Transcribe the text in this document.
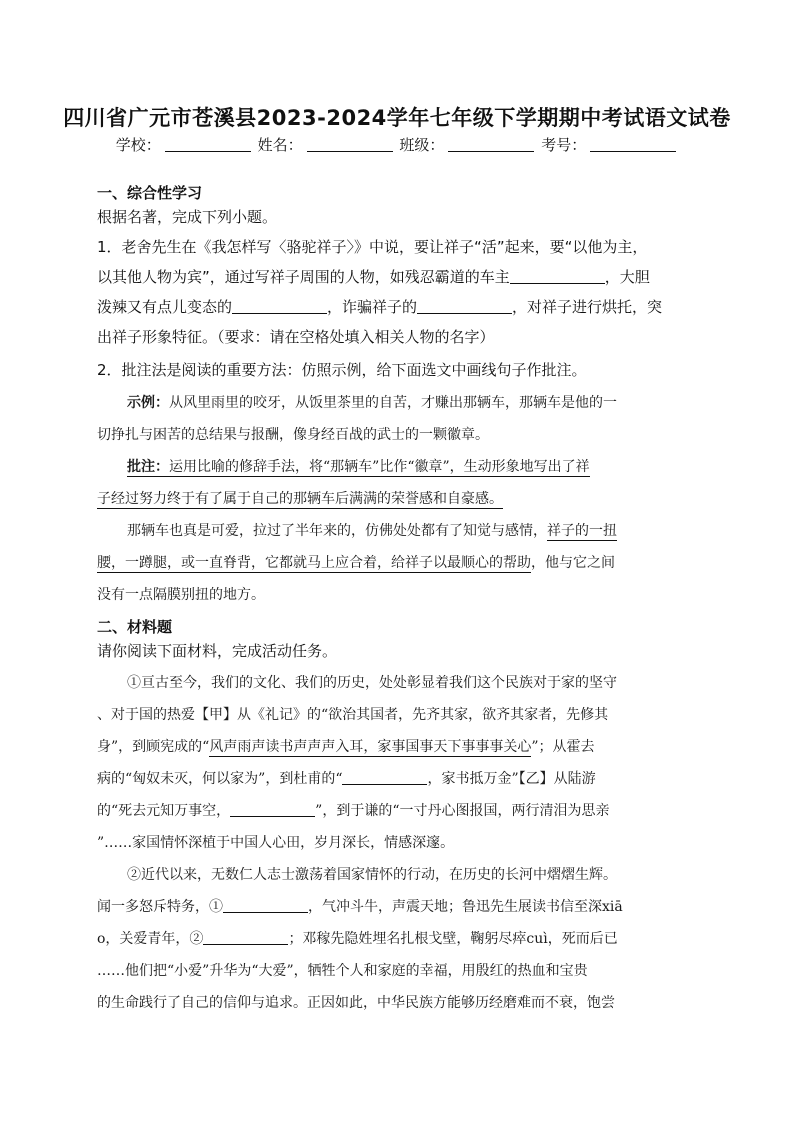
四川省广元市苍溪县2023-2024学年七年级下学期期中考试语文试卷
学校：	姓名：	班级：	考号：
一、综合性学习
根据名著，完成下列小题。
1．老舍先生在《我怎样写〈骆驼祥子〉》中说，要让祥子“活”起来，要“以他为主，
以其他人物为宾”，通过写祥子周围的人物，如残忍霸道的车主	，大胆
泼辣又有点儿变态的	，诈骗祥子的	，对祥子进行烘托，突
出祥子形象特征。（要求：请在空格处填入相关人物的名字）
2．批注法是阅读的重要方法：仿照示例，给下面选文中画线句子作批注。
示例：从风里雨里的咬牙，从饭里茶里的自苦，才赚出那辆车，那辆车是他的一
切挣扎与困苦的总结果与报酬，像身经百战的武士的一颗徽章。
批注：运用比喻的修辞手法，将“那辆车”比作“徽章”，生动形象地写出了祥
子经过努力终于有了属于自己的那辆车后满满的荣誉感和自豪感。
那辆车也真是可爱，拉过了半年来的，仿佛处处都有了知觉与感情，祥子的一扭
腰，一蹲腿，或一直脊背，它都就马上应合着，给祥子以最顺心的帮助，他与它之间
没有一点隔膜别扭的地方。
二、材料题
请你阅读下面材料，完成活动任务。
①亘古至今，我们的文化、我们的历史，处处彰显着我们这个民族对于家的坚守
、对于国的热爱【甲】从《礼记》的“欲治其国者，先齐其家，欲齐其家者，先修其
身”，到顾宪成的“风声雨声读书声声声入耳，家事国事天下事事事关心”；从霍去
病的“匈奴未灭，何以家为”，到杜甫的“	，家书抵万金”【乙】从陆游
的“死去元知万事空，	”，到于谦的“一寸丹心图报国，两行清泪为思亲
”……家国情怀深植于中国人心田，岁月深长，情感深邃。
②近代以来，无数仁人志士激荡着国家情怀的行动，在历史的长河中熠熠生辉。
闻一多怒斥特务，①	，气冲斗牛，声震天地；鲁迅先生展读书信至深xiā
o，关爱青年，②	；邓稼先隐姓埋名扎根戈壁，鞠躬尽瘁cuì，死而后已
……他们把“小爱”升华为“大爱”，牺牲个人和家庭的幸福，用殷红的热血和宝贵
的生命践行了自己的信仰与追求。正因如此，中华民族方能够历经磨难而不衰，饱尝
